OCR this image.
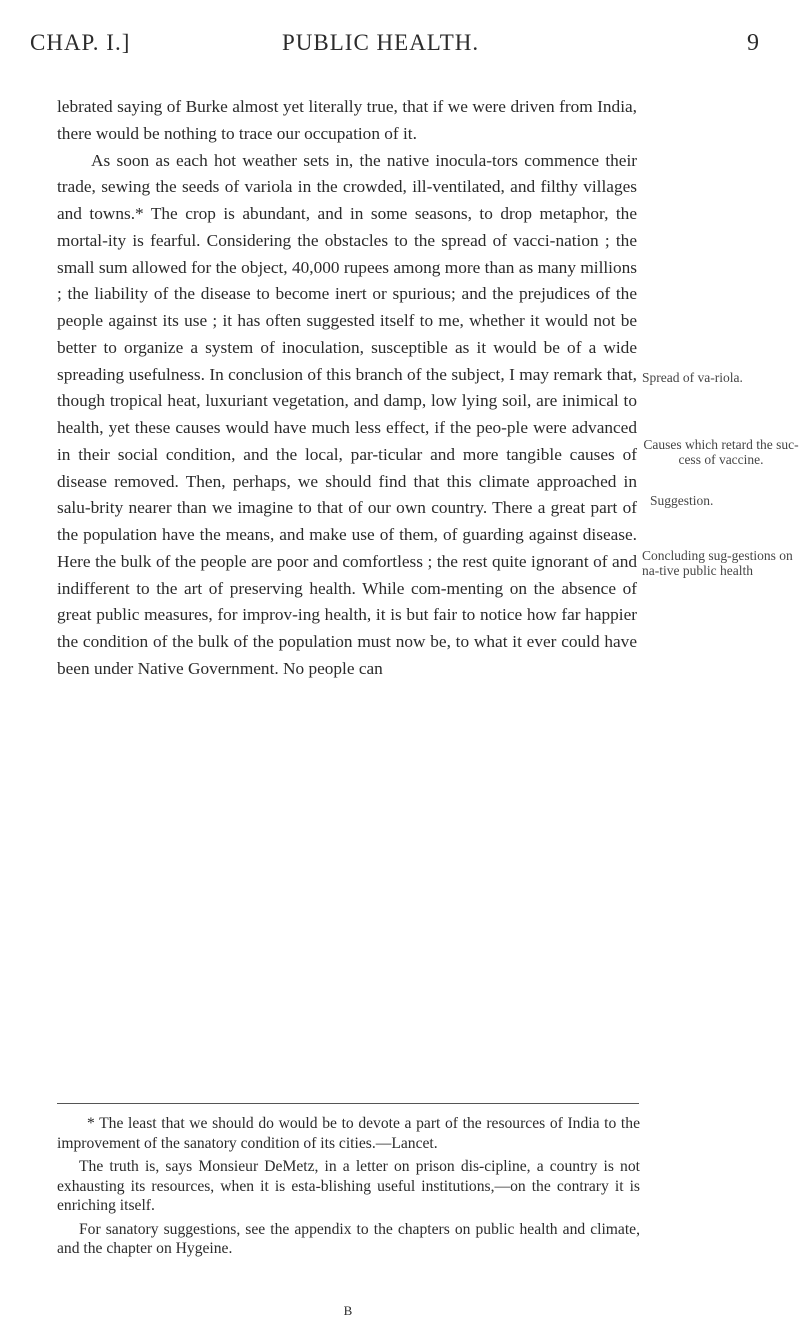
CHAP. I.]	PUBLIC HEALTH.	9

lebrated saying of Burke almost yet literally true, that if we were driven from India, there would be nothing to trace our occupation of it.

As soon as each hot weather sets in, the native inocula-tors commence their trade, sewing the seeds of variola in the crowded, ill-ventilated, and filthy villages and towns.* The crop is abundant, and in some seasons, to drop metaphor, the mortal-ity is fearful. Considering the obstacles to the spread of vacci-nation ; the small sum allowed for the object, 40,000 rupees among more than as many millions ; the liability of the disease to become inert or spurious; and the prejudices of the people against its use ; it has often suggested itself to me, whether it would not be better to organize a system of inoculation, susceptible as it would be of a wide spreading usefulness. In conclusion of this branch of the subject, I may remark that, though tropical heat, luxuriant vegetation, and damp, low lying soil, are inimical to health, yet these causes would have much less effect, if the peo-ple were advanced in their social condition, and the local, par-ticular and more tangible causes of disease removed. Then, perhaps, we should find that this climate approached in salu-brity nearer than we imagine to that of our own country. There a great part of the population have the means, and make use of them, of guarding against disease. Here the bulk of the people are poor and comfortless ; the rest quite ignorant of and indifferent to the art of preserving health. While com-menting on the absence of great public measures, for improv-ing health, it is but fair to notice how far happier the condition of the bulk of the population must now be, to what it ever could have been under Native Government. No people can

Spread of va-riola.
Causes which retard the suc-cess of vaccine.
Suggestion.
Concluding sug-gestions on na-tive public health

* The least that we should do would be to devote a part of the resources of India to the improvement of the sanatory condition of its cities.—Lancet.

The truth is, says Monsieur DeMetz, in a letter on prison dis-cipline, a country is not exhausting its resources, when it is esta-blishing useful institutions,—on the contrary it is enriching itself.

For sanatory suggestions, see the appendix to the chapters on public health and climate, and the chapter on Hygeine.

B
